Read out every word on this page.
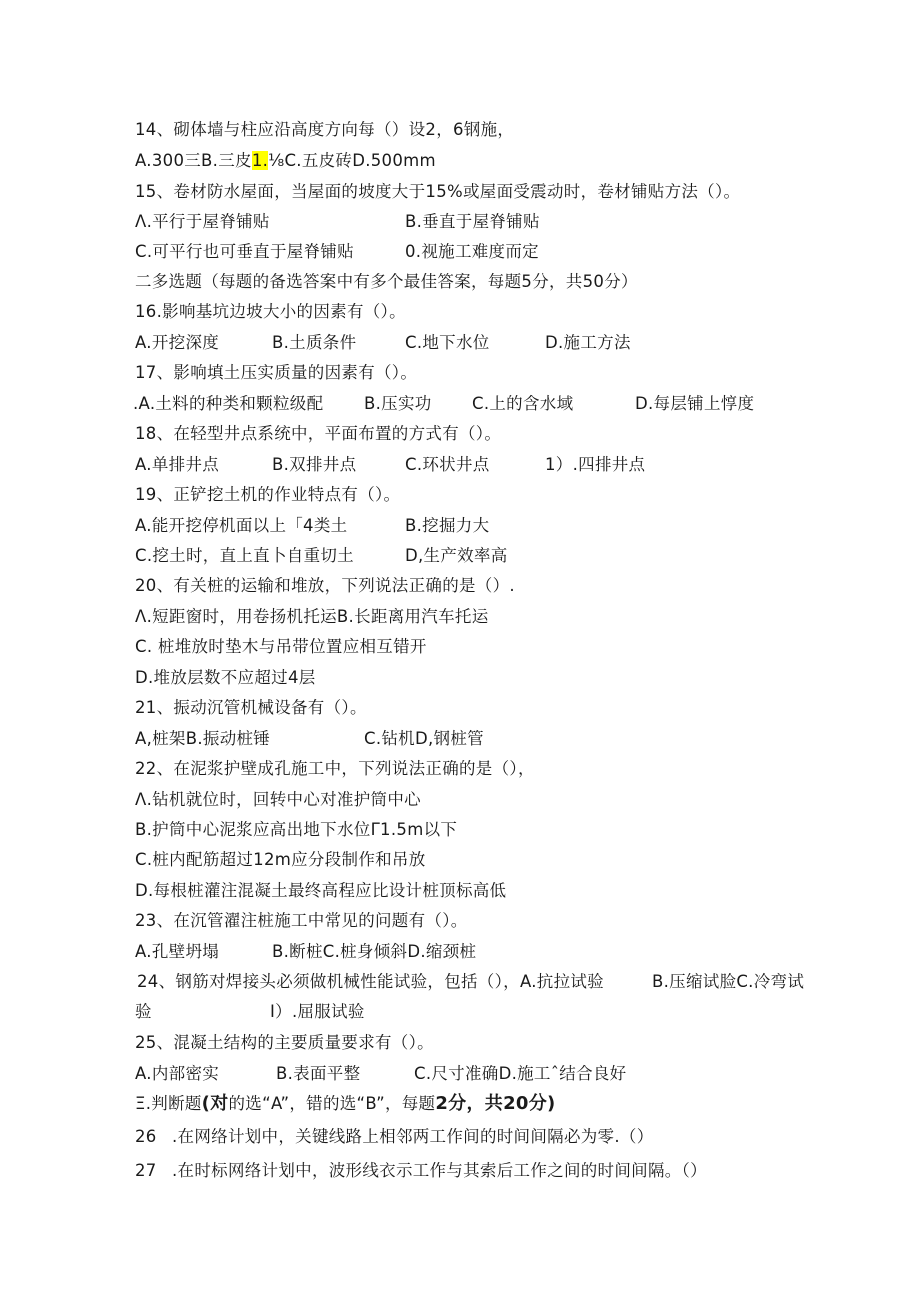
14、砌体墙与柱应沿高度方向每（）设2，6钢施，
A.300三B.三皮1.⅛C.五皮砖D.500mm
15、卷材防水屋面，当屋面的坡度大于15%或屋面受震动时，卷材铺贴方法（）。
Λ.平行于屋脊铺贴	B.垂直于屋脊铺贴
C.可平行也可垂直于屋脊铺贴	0.视施工难度而定
二多选题（每题的备选答案中有多个最佳答案，每题5分，共50分）
16.影响基坑边坡大小的因素有（）。
A.开挖深度	B.土质条件	C.地下水位	D.施工方法
17、影响填土压实质量的因素有（）。
.A.土料的种类和颗粒级配 B.压实功 C.上的含水域	D.每层铺上惇度
18、在轻型井点系统中，平面布置的方式有（）。
A.单排井点	B.双排井点	C.环状井点	1）.四排井点
19、正铲挖土机的作业特点有（）。
A.能开挖停机面以上「4类土	B.挖掘力大
C.挖土时，直上直卜自重切土	D,生产效率高
20、有关桩的运输和堆放，下列说法正确的是（）.
Λ.短距窗时，用卷扬机托运B.长距离用汽车托运
C. 桩堆放时垫木与吊带位置应相互错开
D.堆放层数不应超过4层
21、振动沉管机械设备有（）。
A,桩架B.振动桩锤	C.钻机D,钢桩管
22、在泥浆护壁成孔施工中，下列说法正确的是（），
Λ.钻机就位时，回转中心对准护筒中心
B.护筒中心泥浆应高出地下水位Γ1.5m以下
C.桩内配筋超过12m应分段制作和吊放
D.每根桩灌注混凝土最终高程应比设计桩顶标高低
23、在沉管濯注桩施工中常见的问题有（）。
A.孔壁坍塌	B.断桩C.桩身倾斜D.缩颈桩
24、钢筋对焊接头必须做机械性能试验，包括（），A.抗拉试验	B.压缩试脸C.冷弯试
验	I）.屈服试验
25、混凝土结构的主要质量要求有（）。
A.内部密实	B.表面平整	C.尺寸准确D.施工ˆ结合良好
Ξ.判断题(对的选“A”，错的选“B”，每题2分，共20分)
26 .在网络计划中，关键线路上相邻两工作间的时间间隔必为零.（）
27 .在时标网络计划中，波形线衣示工作与其索后工作之间的时间间隔。（）
